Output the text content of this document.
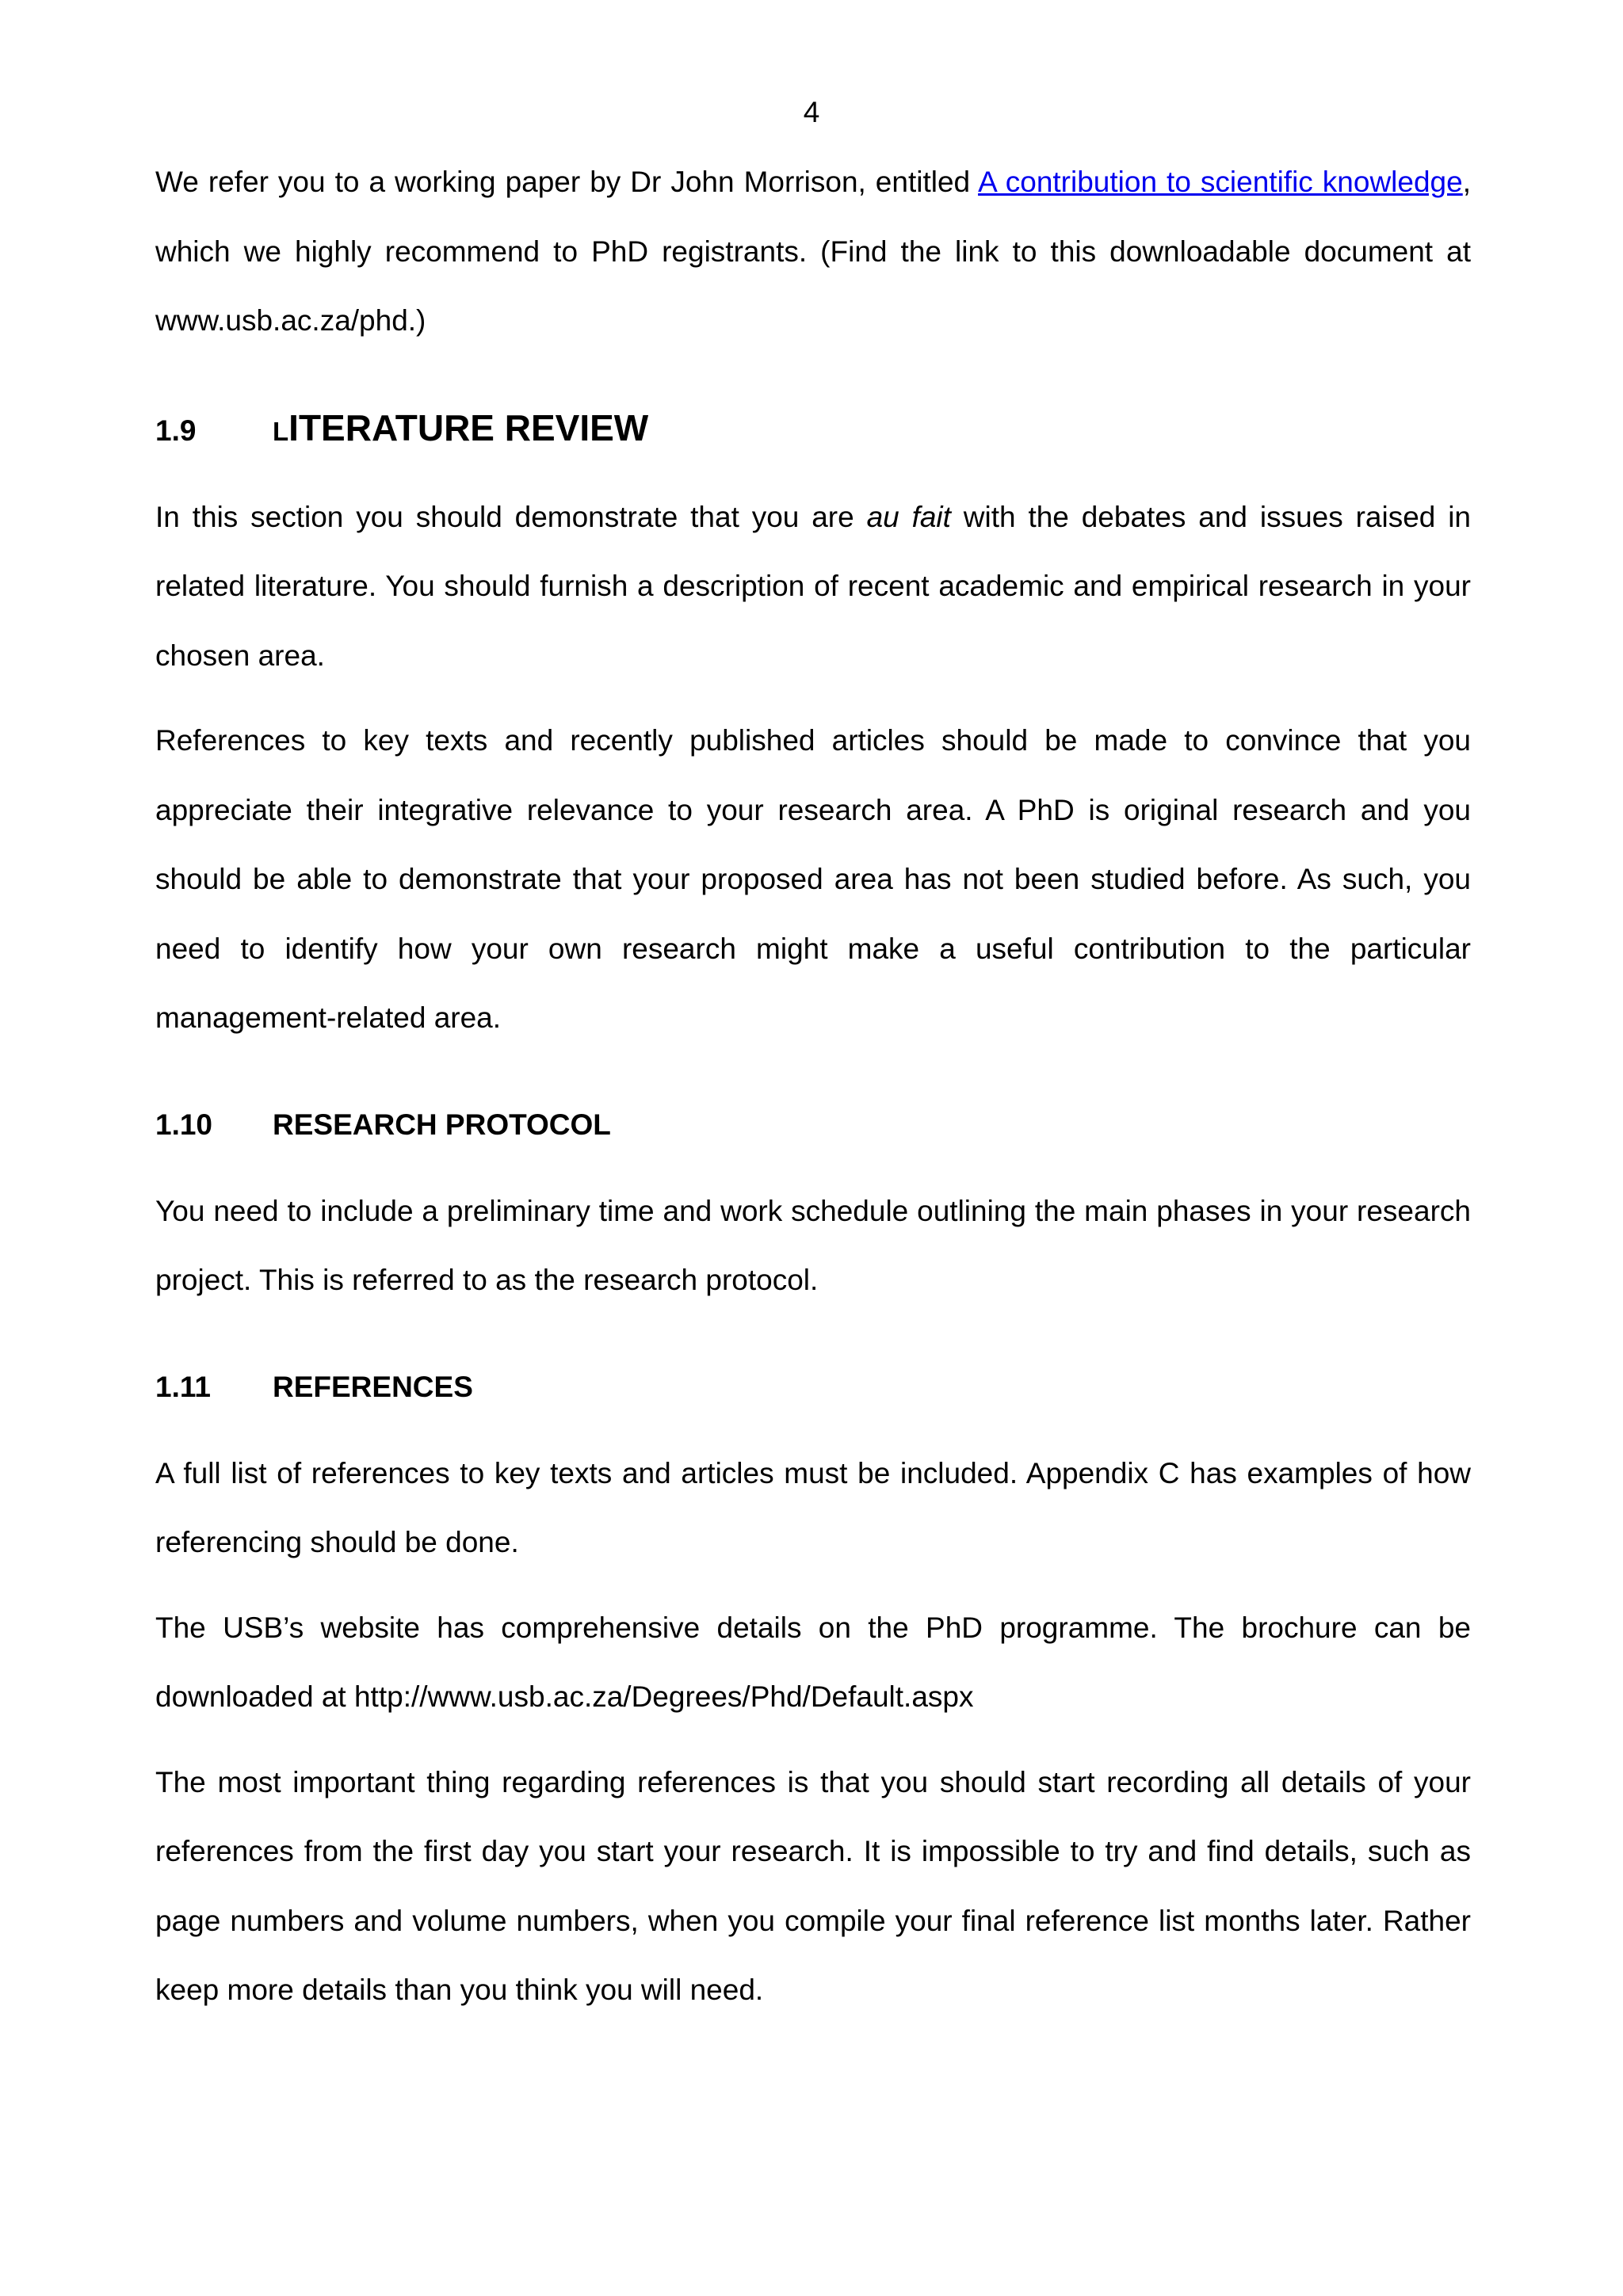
4

We refer you to a working paper by Dr John Morrison, entitled A contribution to scientific knowledge, which we highly recommend to PhD registrants. (Find the link to this downloadable document at www.usb.ac.za/phd.)

1.9	LITERATURE REVIEW

In this section you should demonstrate that you are au fait with the debates and issues raised in related literature. You should furnish a description of recent academic and empirical research in your chosen area.

References to key texts and recently published articles should be made to convince that you appreciate their integrative relevance to your research area. A PhD is original research and you should be able to demonstrate that your proposed area has not been studied before. As such, you need to identify how your own research might make a useful contribution to the particular management-related area.

1.10	RESEARCH PROTOCOL

You need to include a preliminary time and work schedule outlining the main phases in your research project. This is referred to as the research protocol.

1.11	REFERENCES

A full list of references to key texts and articles must be included. Appendix C has examples of how referencing should be done.

The USB’s website has comprehensive details on the PhD programme. The brochure can be downloaded at http://www.usb.ac.za/Degrees/Phd/Default.aspx

The most important thing regarding references is that you should start recording all details of your references from the first day you start your research. It is impossible to try and find details, such as page numbers and volume numbers, when you compile your final reference list months later. Rather keep more details than you think you will need.
